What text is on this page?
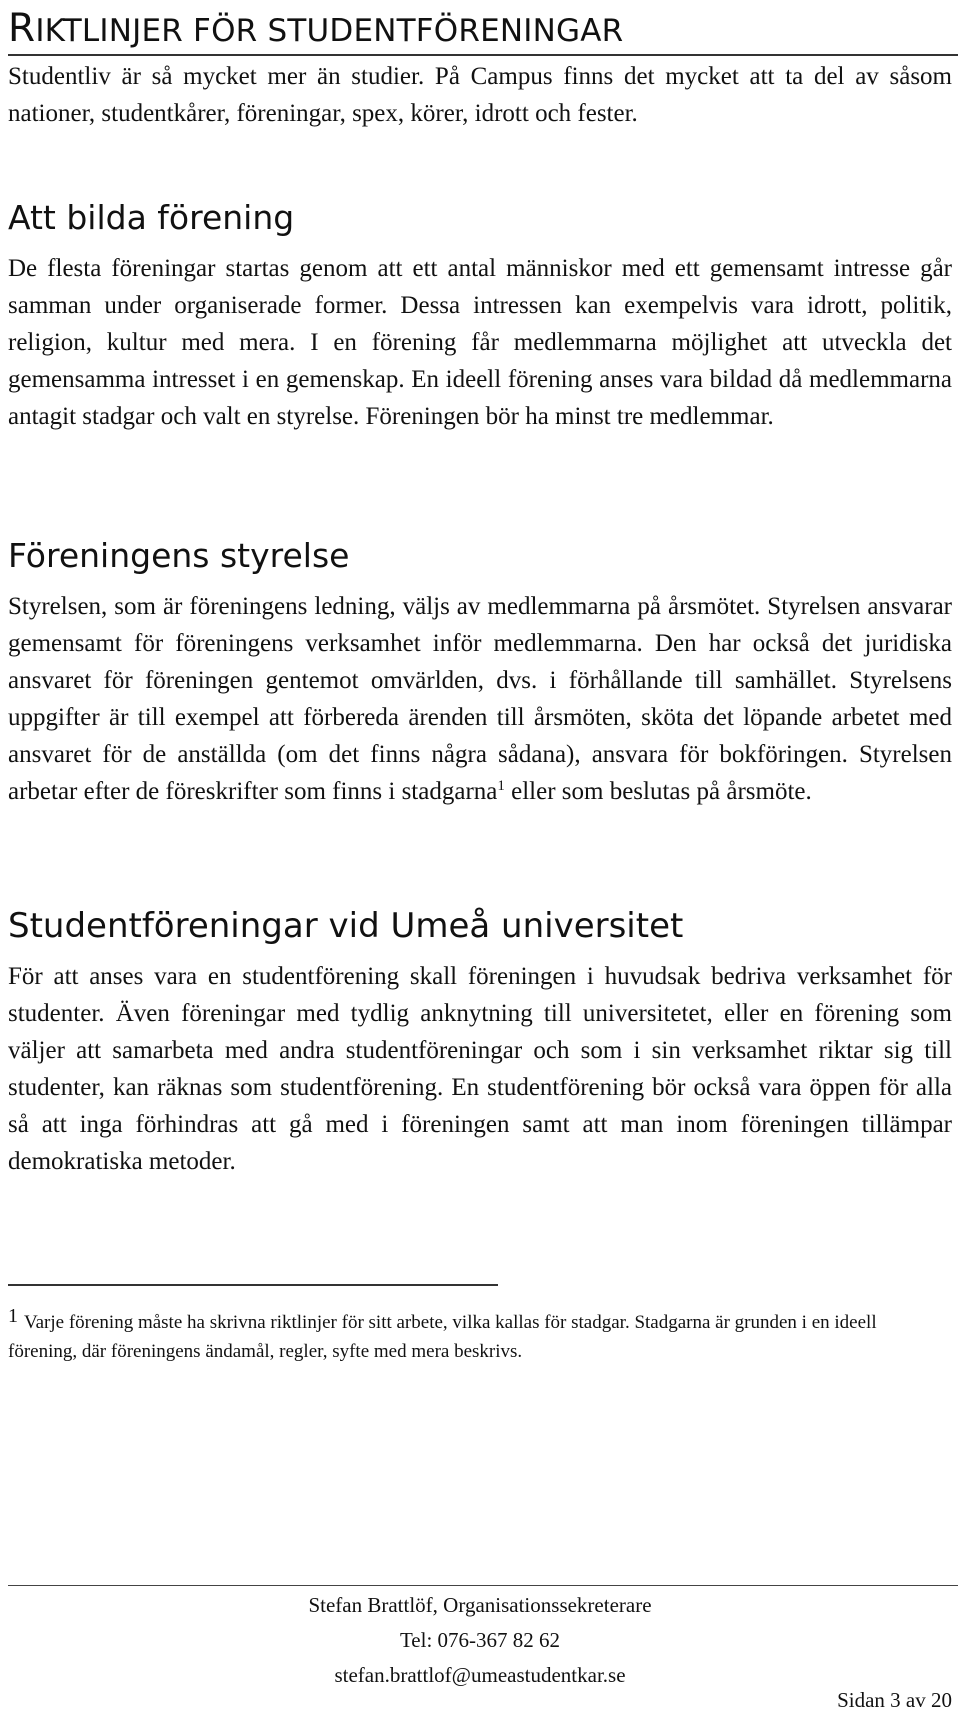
RIKTLINJER FÖR STUDENTFÖRENINGAR

Studentliv är så mycket mer än studier. På Campus finns det mycket att ta del av såsom nationer, studentkårer, föreningar, spex, körer, idrott och fester.

Att bilda förening

De flesta föreningar startas genom att ett antal människor med ett gemensamt intresse går samman under organiserade former. Dessa intressen kan exempelvis vara idrott, politik, religion, kultur med mera. I en förening får medlemmarna möjlighet att utveckla det gemensamma intresset i en gemenskap. En ideell förening anses vara bildad då medlemmarna antagit stadgar och valt en styrelse. Föreningen bör ha minst tre medlemmar.

Föreningens styrelse

Styrelsen, som är föreningens ledning, väljs av medlemmarna på årsmötet. Styrelsen ansvarar gemensamt för föreningens verksamhet inför medlemmarna. Den har också det juridiska ansvaret för föreningen gentemot omvärlden, dvs. i förhållande till samhället. Styrelsens uppgifter är till exempel att förbereda ärenden till årsmöten, sköta det löpande arbetet med ansvaret för de anställda (om det finns några sådana), ansvara för bokföringen. Styrelsen arbetar efter de föreskrifter som finns i stadgarna$^1$ eller som beslutas på årsmöte.

Studentföreningar vid Umeå universitet

För att anses vara en studentförening skall föreningen i huvudsak bedriva verksamhet för studenter. Även föreningar med tydlig anknytning till universitetet, eller en förening som väljer att samarbeta med andra studentföreningar och som i sin verksamhet riktar sig till studenter, kan räknas som studentförening. En studentförening bör också vara öppen för alla så att inga förhindras att gå med i föreningen samt att man inom föreningen tillämpar demokratiska metoder.

1 Varje förening måste ha skrivna riktlinjer för sitt arbete, vilka kallas för stadgar. Stadgarna är grunden i en ideell förening, där föreningens ändamål, regler, syfte med mera beskrivs.

Stefan Brattlöf, Organisationssekreterare
Tel: 076-367 82 62
stefan.brattlof@umeastudentkar.se
Sidan 3 av 20
